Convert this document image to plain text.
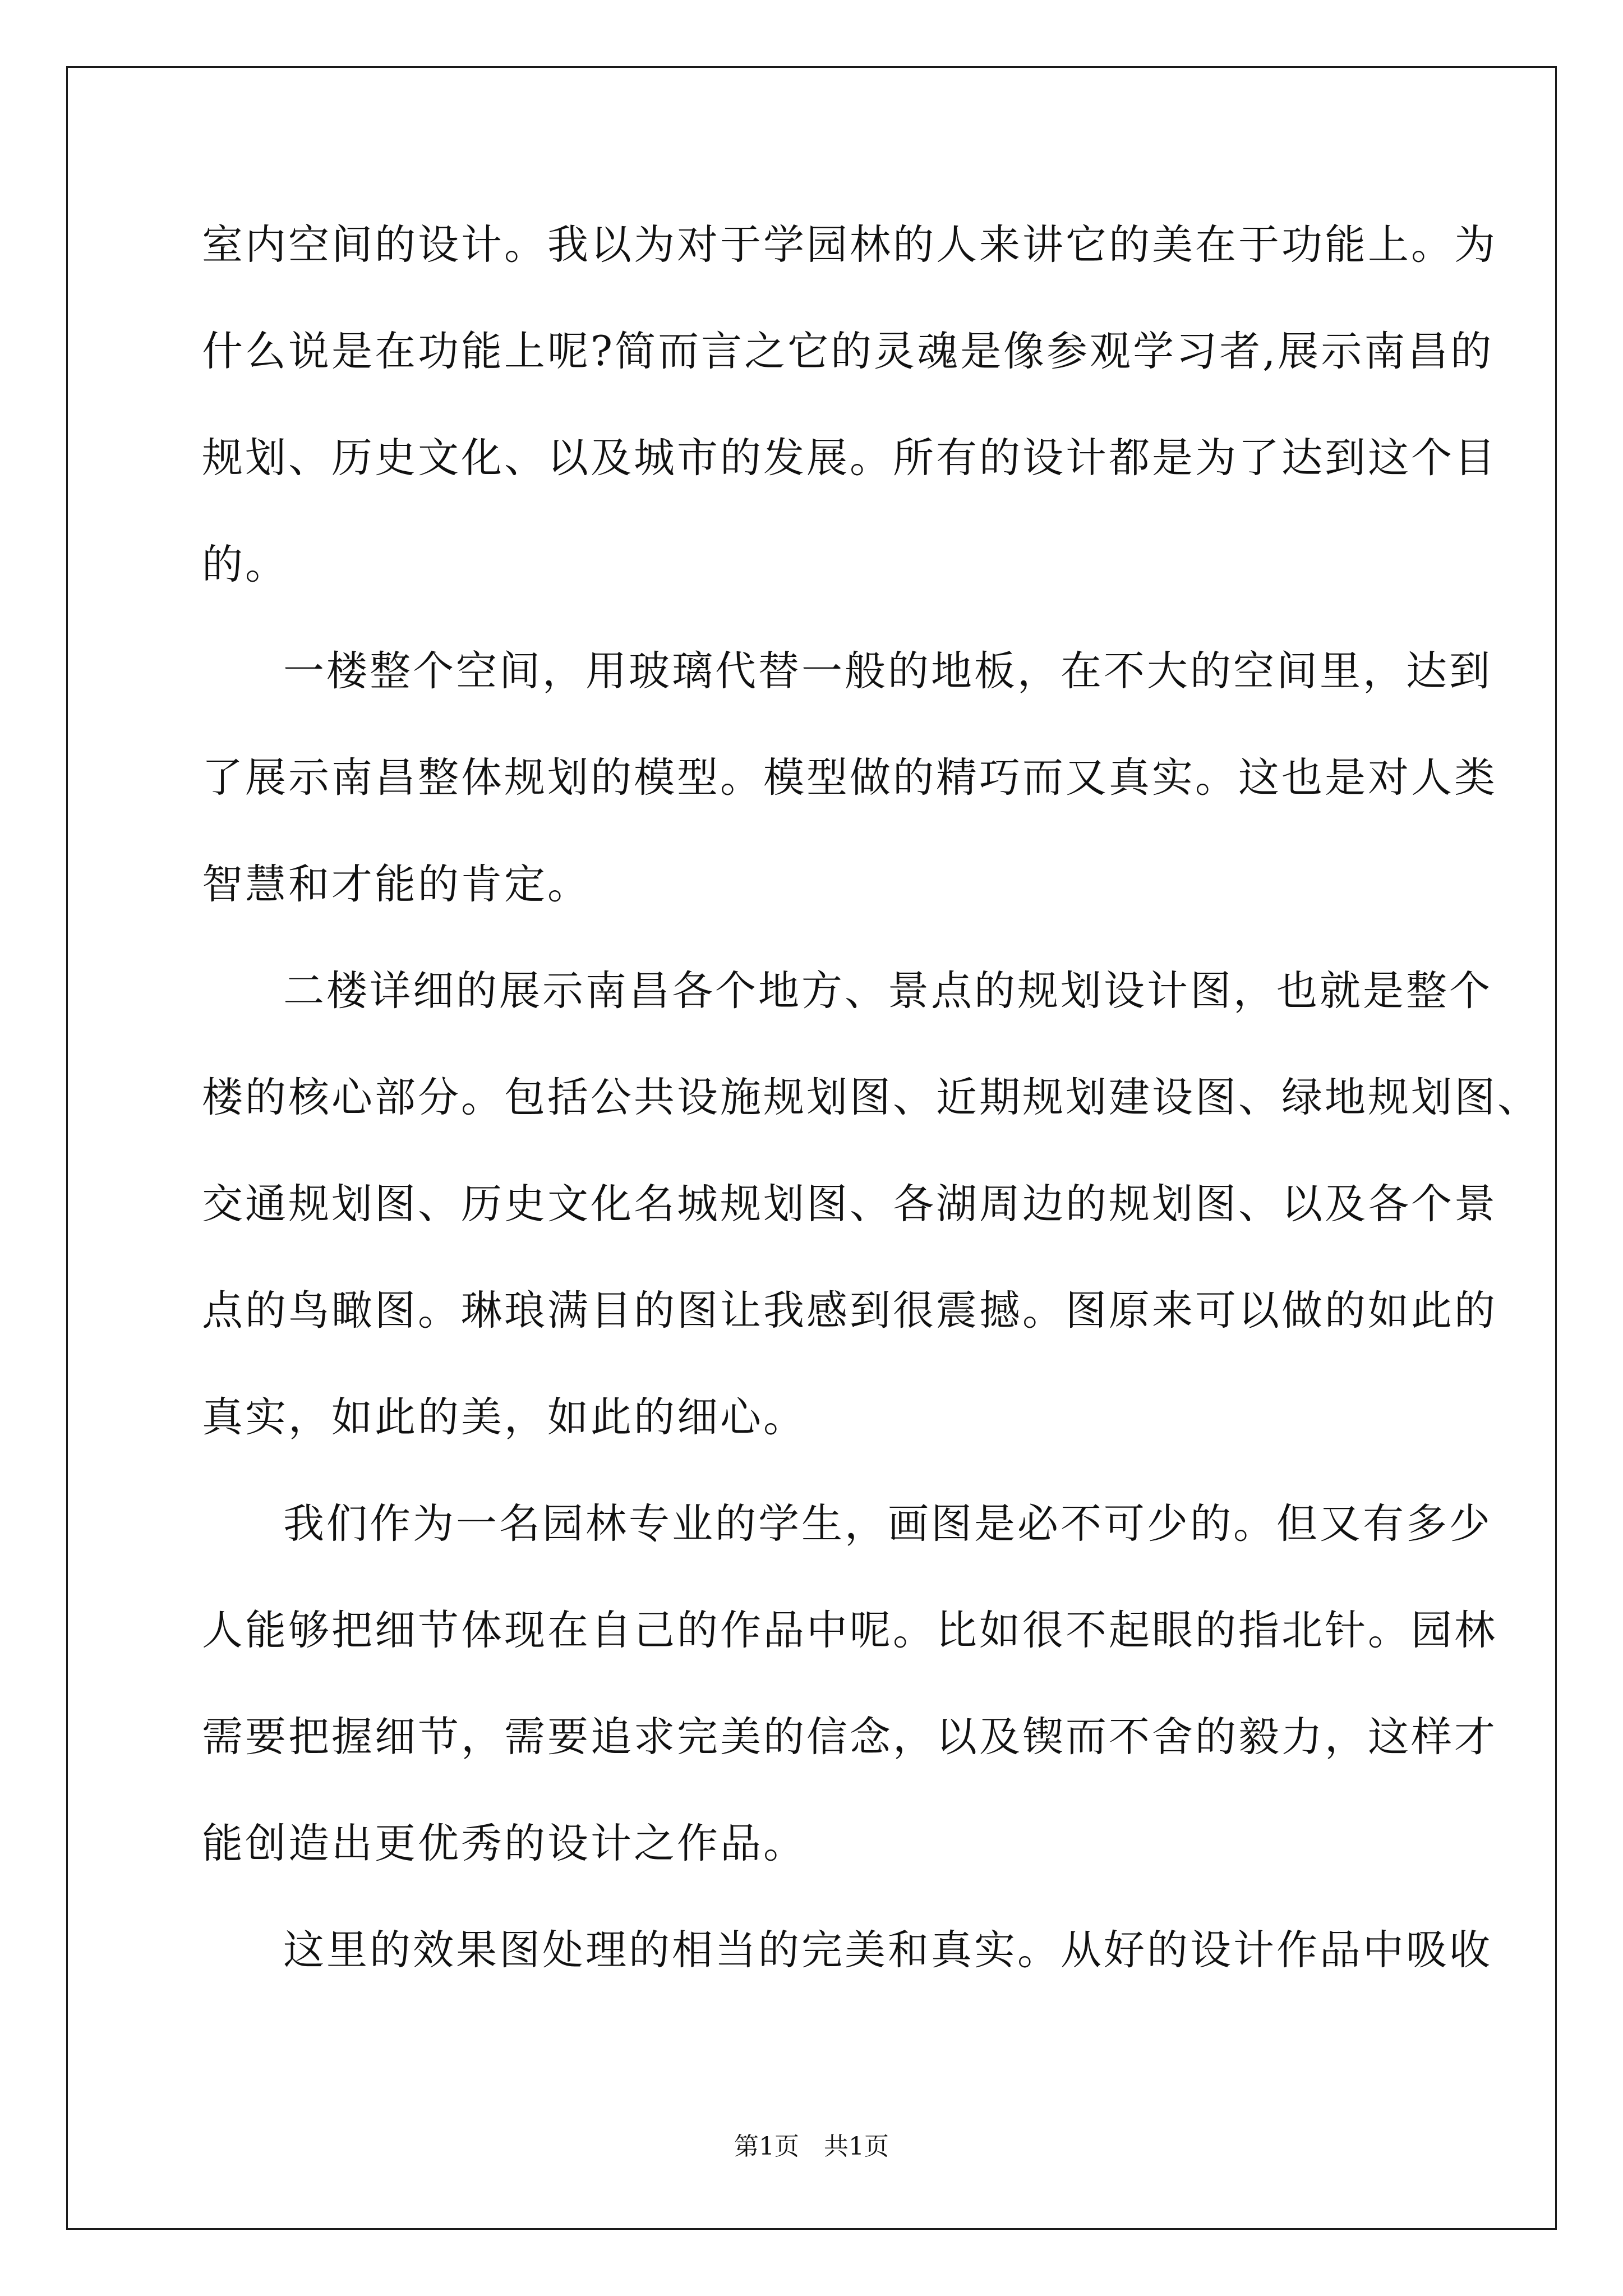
室内空间的设计。我以为对于学园林的人来讲它的美在于功能上。为
什么说是在功能上呢?简而言之它的灵魂是像参观学习者,展示南昌的
规划、历史文化、以及城市的发展。所有的设计都是为了达到这个目
的。
一楼整个空间，用玻璃代替一般的地板，在不大的空间里，达到
了展示南昌整体规划的模型。模型做的精巧而又真实。这也是对人类
智慧和才能的肯定。
二楼详细的展示南昌各个地方、景点的规划设计图，也就是整个
楼的核心部分。包括公共设施规划图、近期规划建设图、绿地规划图、
交通规划图、历史文化名城规划图、各湖周边的规划图、以及各个景
点的鸟瞰图。琳琅满目的图让我感到很震撼。图原来可以做的如此的
真实，如此的美，如此的细心。
我们作为一名园林专业的学生，画图是必不可少的。但又有多少
人能够把细节体现在自己的作品中呢。比如很不起眼的指北针。园林
需要把握细节，需要追求完美的信念，以及锲而不舍的毅力，这样才
能创造出更优秀的设计之作品。
这里的效果图处理的相当的完美和真实。从好的设计作品中吸收
第1页 共1页
